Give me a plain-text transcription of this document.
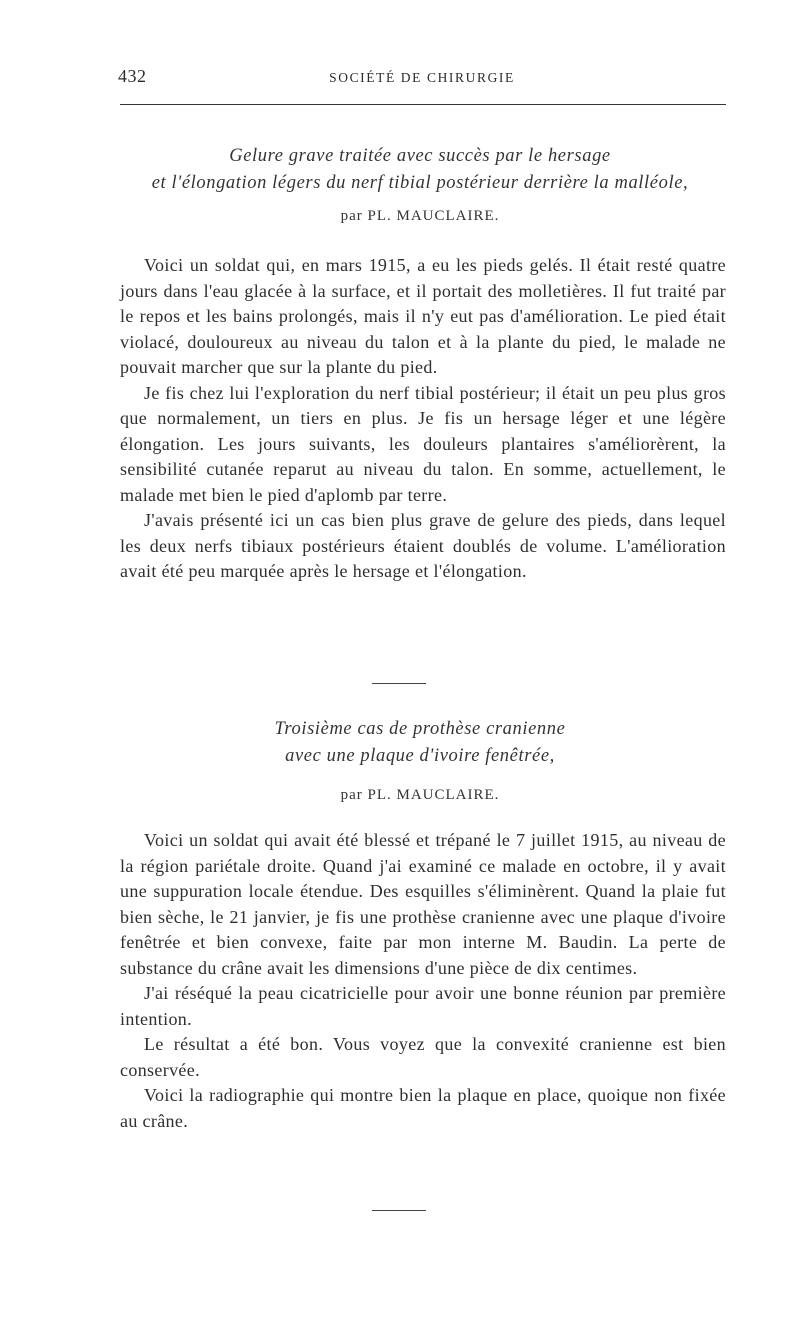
432	SOCIÉTÉ DE CHIRURGIE
Gelure grave traitée avec succès par le hersage
et l'élongation légers du nerf tibial postérieur derrière la malléole,
par PL. MAUCLAIRE.

Voici un soldat qui, en mars 1915, a eu les pieds gelés. Il était resté quatre jours dans l'eau glacée à la surface, et il portait des molletières. Il fut traité par le repos et les bains prolongés, mais il n'y eut pas d'amélioration. Le pied était violacé, douloureux au niveau du talon et à la plante du pied, le malade ne pouvait marcher que sur la plante du pied.

Je fis chez lui l'exploration du nerf tibial postérieur; il était un peu plus gros que normalement, un tiers en plus. Je fis un hersage léger et une légère élongation. Les jours suivants, les douleurs plantaires s'améliorèrent, la sensibilité cutanée reparut au niveau du talon. En somme, actuellement, le malade met bien le pied d'aplomb par terre.

J'avais présenté ici un cas bien plus grave de gelure des pieds, dans lequel les deux nerfs tibiaux postérieurs étaient doublés de volume. L'amélioration avait été peu marquée après le hersage et l'élongation.

Troisième cas de prothèse cranienne
avec une plaque d'ivoire fenêtrée,
par PL. MAUCLAIRE.

Voici un soldat qui avait été blessé et trépané le 7 juillet 1915, au niveau de la région pariétale droite. Quand j'ai examiné ce malade en octobre, il y avait une suppuration locale étendue. Des esquilles s'éliminèrent. Quand la plaie fut bien sèche, le 21 janvier, je fis une prothèse cranienne avec une plaque d'ivoire fenêtrée et bien convexe, faite par mon interne M. Baudin. La perte de substance du crâne avait les dimensions d'une pièce de dix centimes.

J'ai réséqué la peau cicatricielle pour avoir une bonne réunion par première intention.

Le résultat a été bon. Vous voyez que la convexité cranienne est bien conservée.

Voici la radiographie qui montre bien la plaque en place, quoique non fixée au crâne.
